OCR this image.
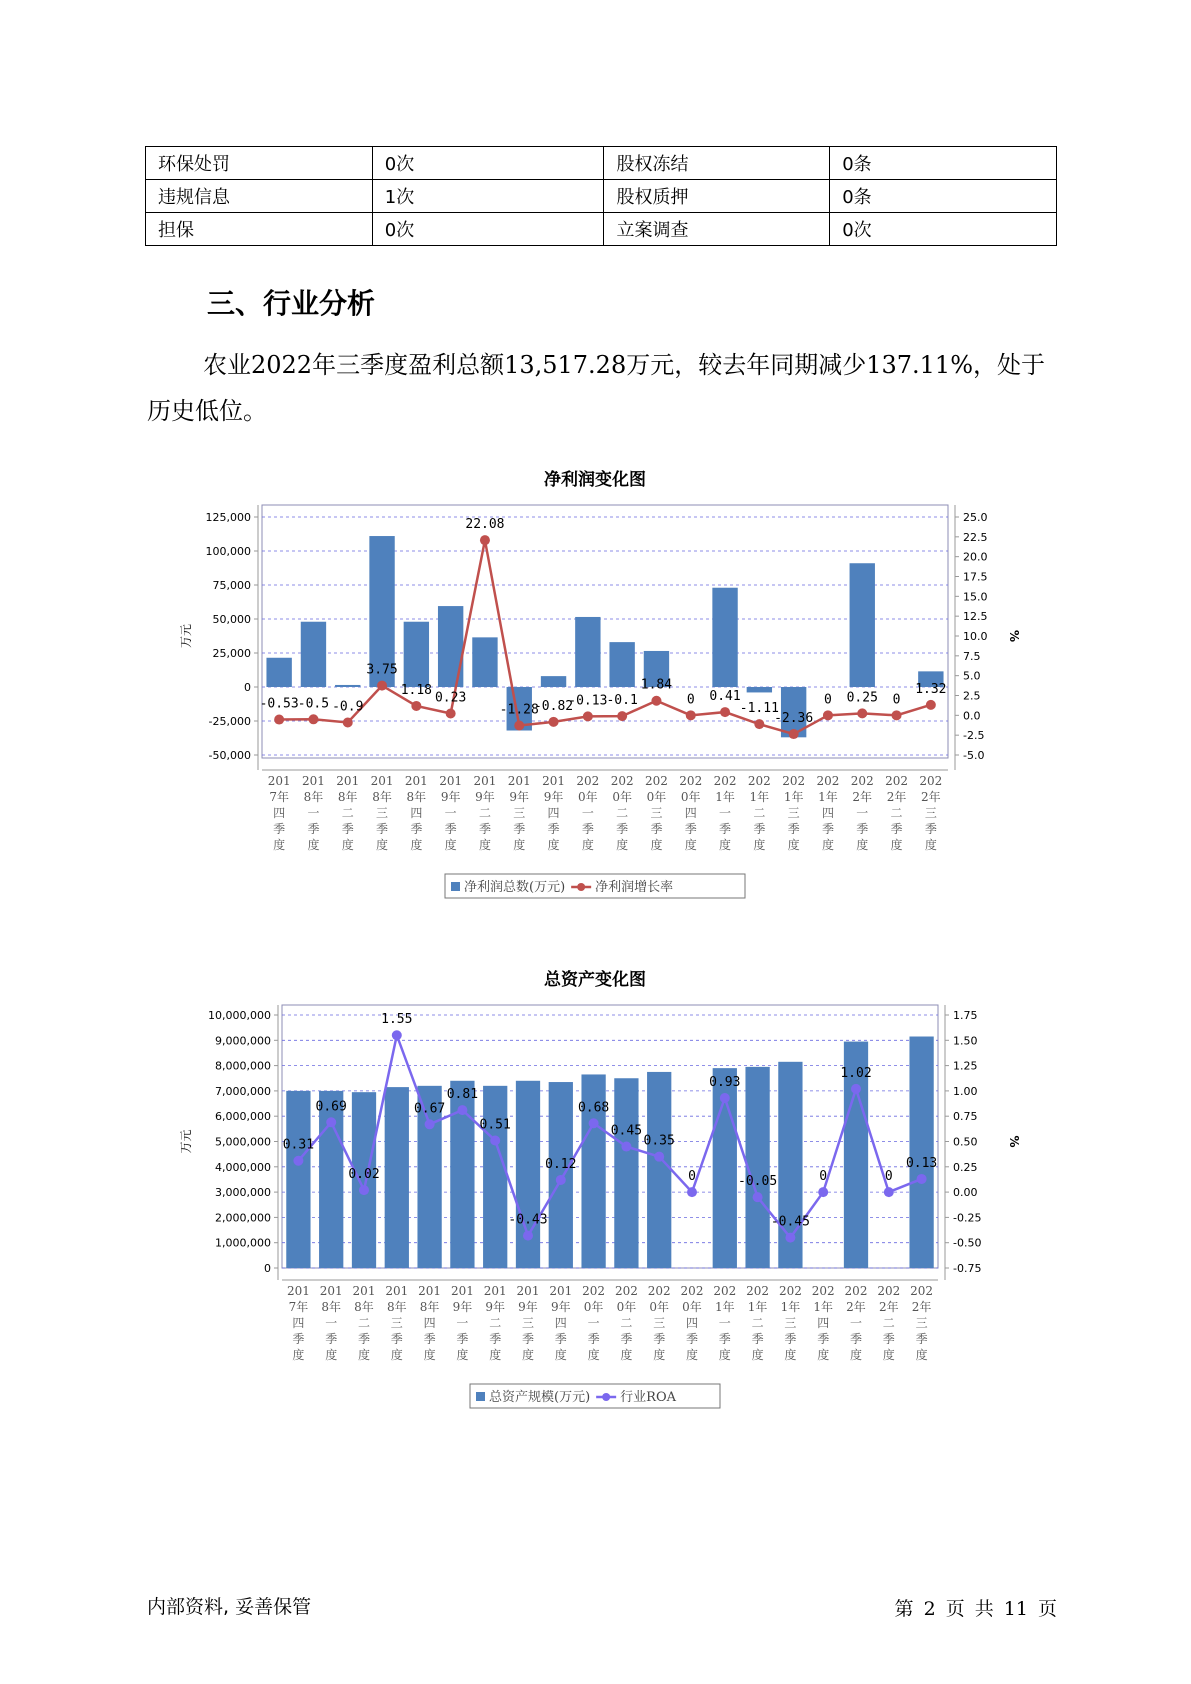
环保处罚	0次	股权冻结	0条
违规信息	1次	股权质押	0条
担保	0次	立案调查	0次
三、行业分析

农业2022年三季度盈利总额13,517.28万元，较去年同期减少137.11%，处于历史低位。

净利润变化图
125,000
100,000
75,000
50,000
25,000
0
-25,000
-50,000
25.0
22.5
20.0
17.5
15.0
12.5
10.0
7.5
5.0
2.5
0.0
-2.5
-5.0
万元	%
-0.53 -0.5 -0.9
3.75
1.18
0.23
22.08
-1.28
-0.82
-0.13 -0.1
1.84
0 0.41
-1.11
-2.36
0 0.25 0
1.32
201 7年四季度
201 8年一季度
201 8年二季度
201 8年三季度
201 8年四季度
201 9年一季度
201 9年二季度
201 9年三季度
201 9年四季度
202 0年一季度
202 0年二季度
202 0年三季度
202 0年四季度
202 1年一季度
202 1年二季度
202 1年三季度
202 1年四季度
202 2年一季度
202 2年二季度
202 2年三季度
净利润总数(万元) 净利润增长率
总资产变化图
10,000,000
9,000,000
8,000,000
7,000,000
6,000,000
5,000,000
4,000,000
3,000,000
2,000,000
1,000,000
0
1.75
1.50
1.25
1.00
0.75
0.50
0.25
0.00
-0.25
-0.50
-0.75
万元	%
0.31
0.69
0.02
1.55
0.67
0.81
0.51
-0.43
0.12
0.68
0.45
0.35
0
0.93
-0.05
-0.45
0
1.02
0
0.13
201 7年四季度
201 8年一季度
201 8年二季度
201 8年三季度
201 8年四季度
201 9年一季度
201 9年二季度
201 9年三季度
201 9年四季度
202 0年一季度
202 0年二季度
202 0年三季度
202 0年四季度
202 1年一季度
202 1年二季度
202 1年三季度
202 1年四季度
202 2年一季度
202 2年二季度
202 2年三季度
总资产规模(万元) 行业ROA
内部资料, 妥善保管	第 2 页 共 11 页
